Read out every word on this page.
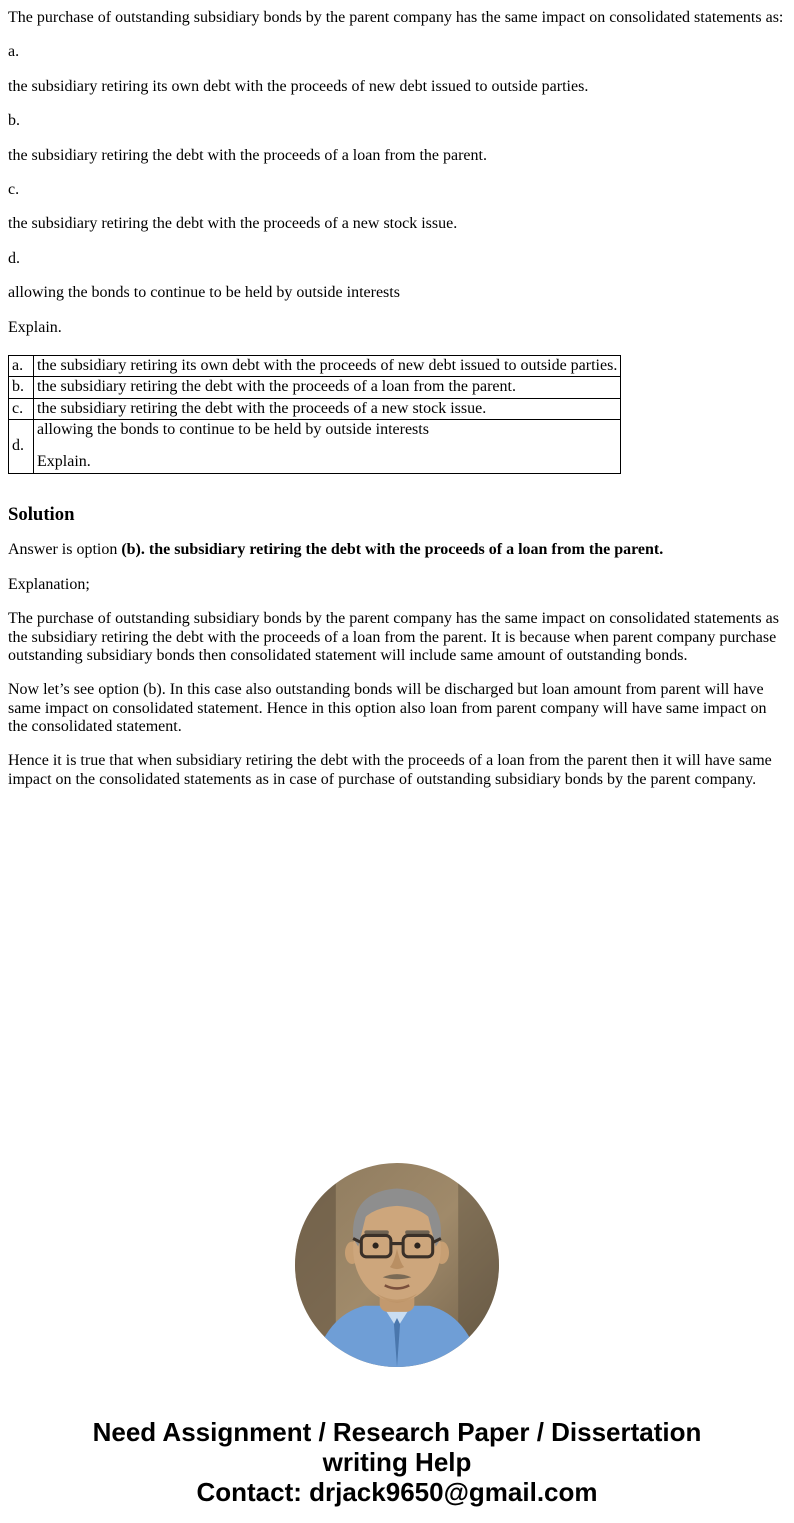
The purchase of outstanding subsidiary bonds by the parent company has the same impact on consolidated statements as:

a.

the subsidiary retiring its own debt with the proceeds of new debt issued to outside parties.

b.

the subsidiary retiring the debt with the proceeds of a loan from the parent.

c.

the subsidiary retiring the debt with the proceeds of a new stock issue.

d.

allowing the bonds to continue to be held by outside interests

Explain.

a.	the subsidiary retiring its own debt with the proceeds of new debt issued to outside parties.
b.	the subsidiary retiring the debt with the proceeds of a loan from the parent.
c.	the subsidiary retiring the debt with the proceeds of a new stock issue.
d.	allowing the bonds to continue to be held by outside interests
Explain.
Solution

Answer is option (b). the subsidiary retiring the debt with the proceeds of a loan from the parent.

Explanation;

The purchase of outstanding subsidiary bonds by the parent company has the same impact on consolidated statements as the subsidiary retiring the debt with the proceeds of a loan from the parent. It is because when parent company purchase outstanding subsidiary bonds then consolidated statement will include same amount of outstanding bonds.

Now let’s see option (b). In this case also outstanding bonds will be discharged but loan amount from parent will have same impact on consolidated statement. Hence in this option also loan from parent company will have same impact on the consolidated statement.

Hence it is true that when subsidiary retiring the debt with the proceeds of a loan from the parent then it will have same impact on the consolidated statements as in case of purchase of outstanding subsidiary bonds by the parent company.

Need Assignment / Research Paper / Dissertation
writing Help
Contact: drjack9650@gmail.com
